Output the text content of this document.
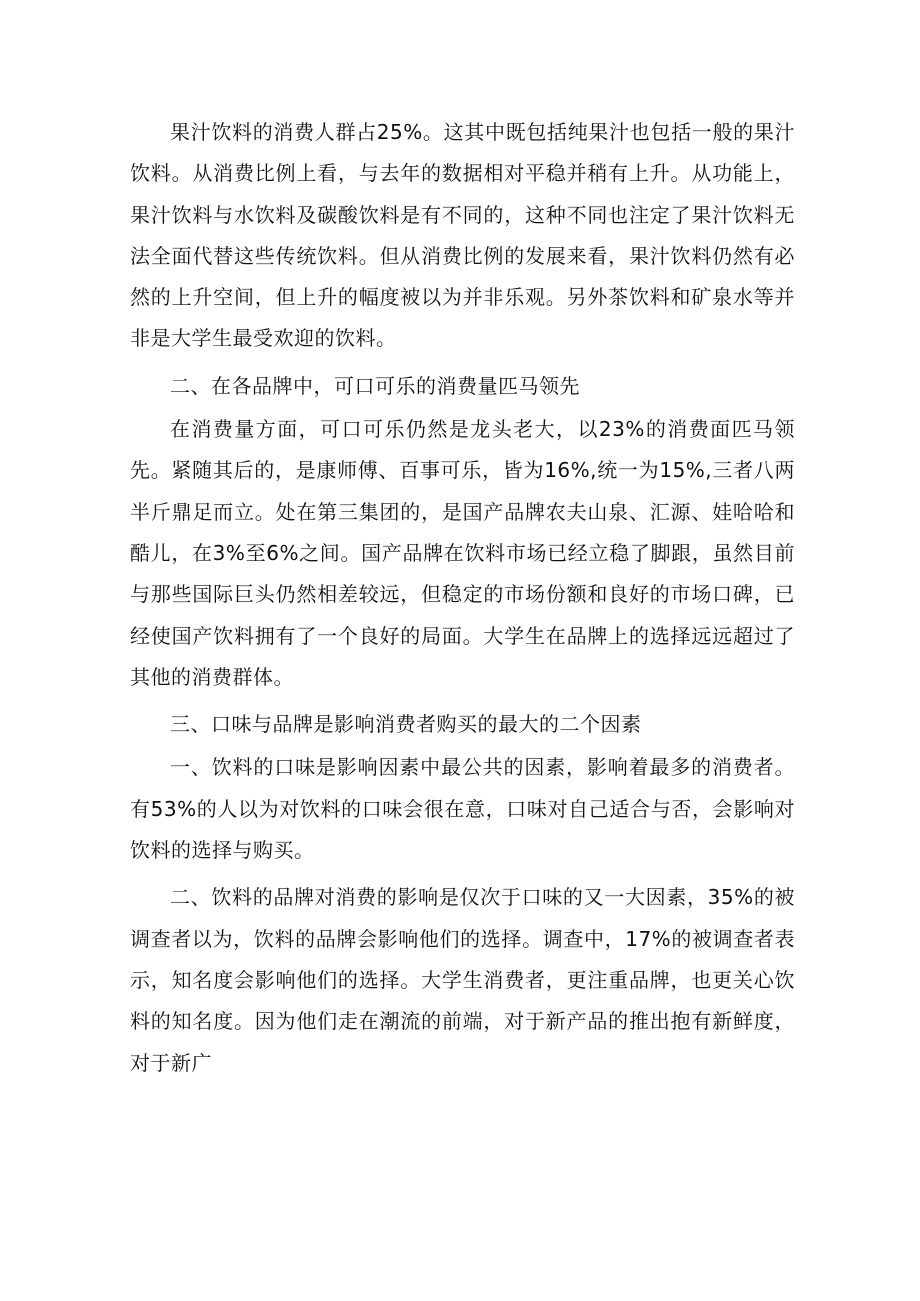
果汁饮料的消费人群占25%。这其中既包括纯果汁也包括一般的果汁饮料。从消费比例上看，与去年的数据相对平稳并稍有上升。从功能上，果汁饮料与水饮料及碳酸饮料是有不同的，这种不同也注定了果汁饮料无法全面代替这些传统饮料。但从消费比例的发展来看，果汁饮料仍然有必然的上升空间，但上升的幅度被以为并非乐观。另外茶饮料和矿泉水等并非是大学生最受欢迎的饮料。

二、在各品牌中，可口可乐的消费量匹马领先

在消费量方面，可口可乐仍然是龙头老大，以23%的消费面匹马领先。紧随其后的，是康师傅、百事可乐，皆为16%,统一为15%,三者八两半斤鼎足而立。处在第三集团的，是国产品牌农夫山泉、汇源、娃哈哈和酷儿，在3%至6%之间。国产品牌在饮料市场已经立稳了脚跟，虽然目前与那些国际巨头仍然相差较远，但稳定的市场份额和良好的市场口碑，已经使国产饮料拥有了一个良好的局面。大学生在品牌上的选择远远超过了其他的消费群体。

三、口味与品牌是影响消费者购买的最大的二个因素

一、饮料的口味是影响因素中最公共的因素，影响着最多的消费者。有53%的人以为对饮料的口味会很在意，口味对自己适合与否，会影响对饮料的选择与购买。

二、饮料的品牌对消费的影响是仅次于口味的又一大因素，35%的被调查者以为，饮料的品牌会影响他们的选择。调查中，17%的被调查者表示，知名度会影响他们的选择。大学生消费者，更注重品牌，也更关心饮料的知名度。因为他们走在潮流的前端，对于新产品的推出抱有新鲜度，对于新广
